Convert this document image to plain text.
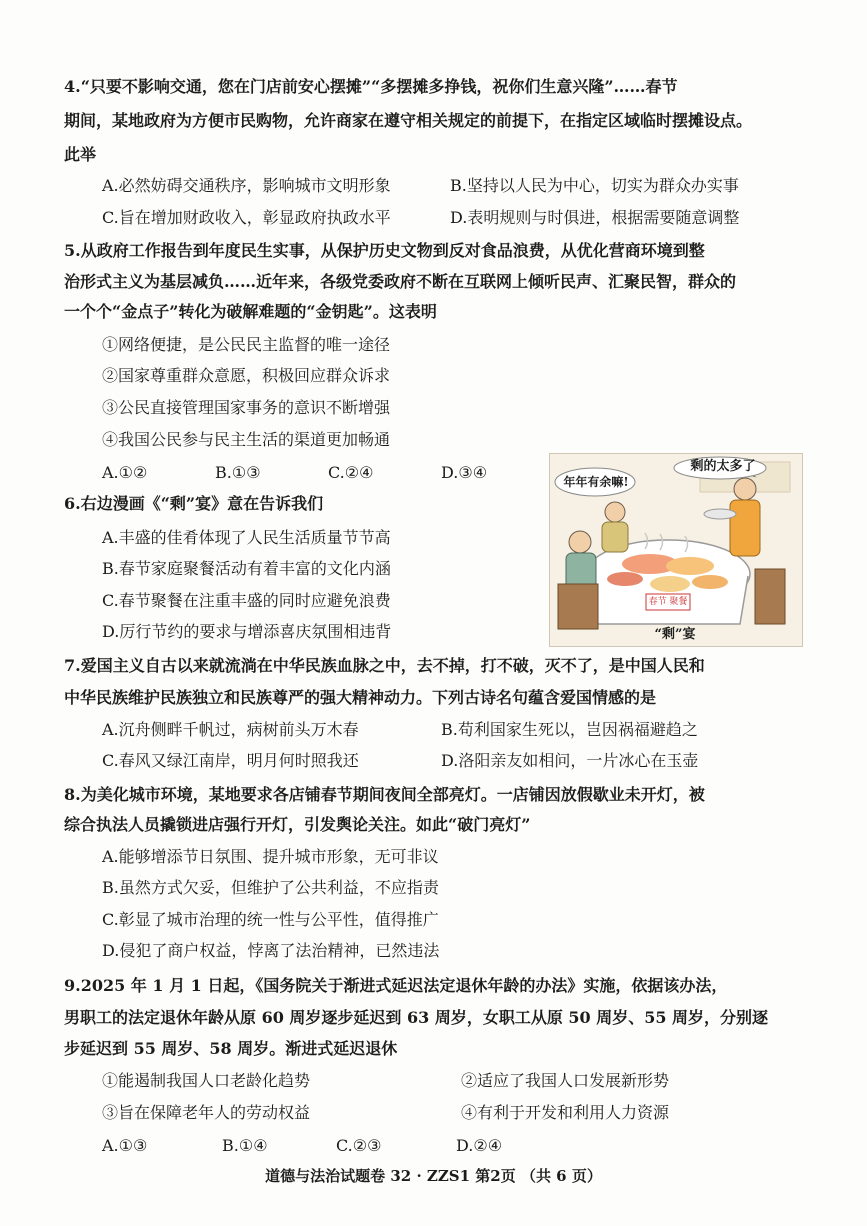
4.“只要不影响交通，您在门店前安心摆摊”“多摆摊多挣钱，祝你们生意兴隆”……春节
期间，某地政府为方便市民购物，允许商家在遵守相关规定的前提下，在指定区域临时摆摊设点。
此举
A.必然妨碍交通秩序，影响城市文明形象	B.坚持以人民为中心，切实为群众办实事
C.旨在增加财政收入，彰显政府执政水平	D.表明规则与时俱进，根据需要随意调整
5.从政府工作报告到年度民生实事，从保护历史文物到反对食品浪费，从优化营商环境到整
治形式主义为基层减负……近年来，各级党委政府不断在互联网上倾听民声、汇聚民智，群众的
一个个“金点子”转化为破解难题的“金钥匙”。这表明
①网络便捷，是公民民主监督的唯一途径
②国家尊重群众意愿，积极回应群众诉求
③公民直接管理国家事务的意识不断增强
④我国公民参与民主生活的渠道更加畅通
A.①②	B.①③	C.②④	D.③④
6.右边漫画《“剩”宴》意在告诉我们
A.丰盛的佳肴体现了人民生活质量节节高
B.春节家庭聚餐活动有着丰富的文化内涵
C.春节聚餐在注重丰盛的同时应避免浪费
D.厉行节约的要求与增添喜庆氛围相违背
剩的太多了
年年有余嘛!
春节 聚餐
“剩”宴
7.爱国主义自古以来就流淌在中华民族血脉之中，去不掉，打不破，灭不了，是中国人民和
中华民族维护民族独立和民族尊严的强大精神动力。下列古诗名句蕴含爱国情感的是
A.沉舟侧畔千帆过，病树前头万木春	B.苟利国家生死以，岂因祸福避趋之
C.春风又绿江南岸，明月何时照我还	D.洛阳亲友如相问，一片冰心在玉壶
8.为美化城市环境，某地要求各店铺春节期间夜间全部亮灯。一店铺因放假歇业未开灯，被
综合执法人员撬锁进店强行开灯，引发舆论关注。如此“破门亮灯”
A.能够增添节日氛围、提升城市形象，无可非议
B.虽然方式欠妥，但维护了公共利益，不应指责
C.彰显了城市治理的统一性与公平性，值得推广
D.侵犯了商户权益，悖离了法治精神，已然违法
9.2025 年 1 月 1 日起，《国务院关于渐进式延迟法定退休年龄的办法》实施，依据该办法，
男职工的法定退休年龄从原 60 周岁逐步延迟到 63 周岁，女职工从原 50 周岁、55 周岁，分别逐
步延迟到 55 周岁、58 周岁。渐进式延迟退休
①能遏制我国人口老龄化趋势	②适应了我国人口发展新形势
③旨在保障老年人的劳动权益	④有利于开发和利用人力资源
A.①③	B.①④	C.②③	D.②④
道德与法治试题卷 32 · ZZS1 第2页 （共 6 页）
